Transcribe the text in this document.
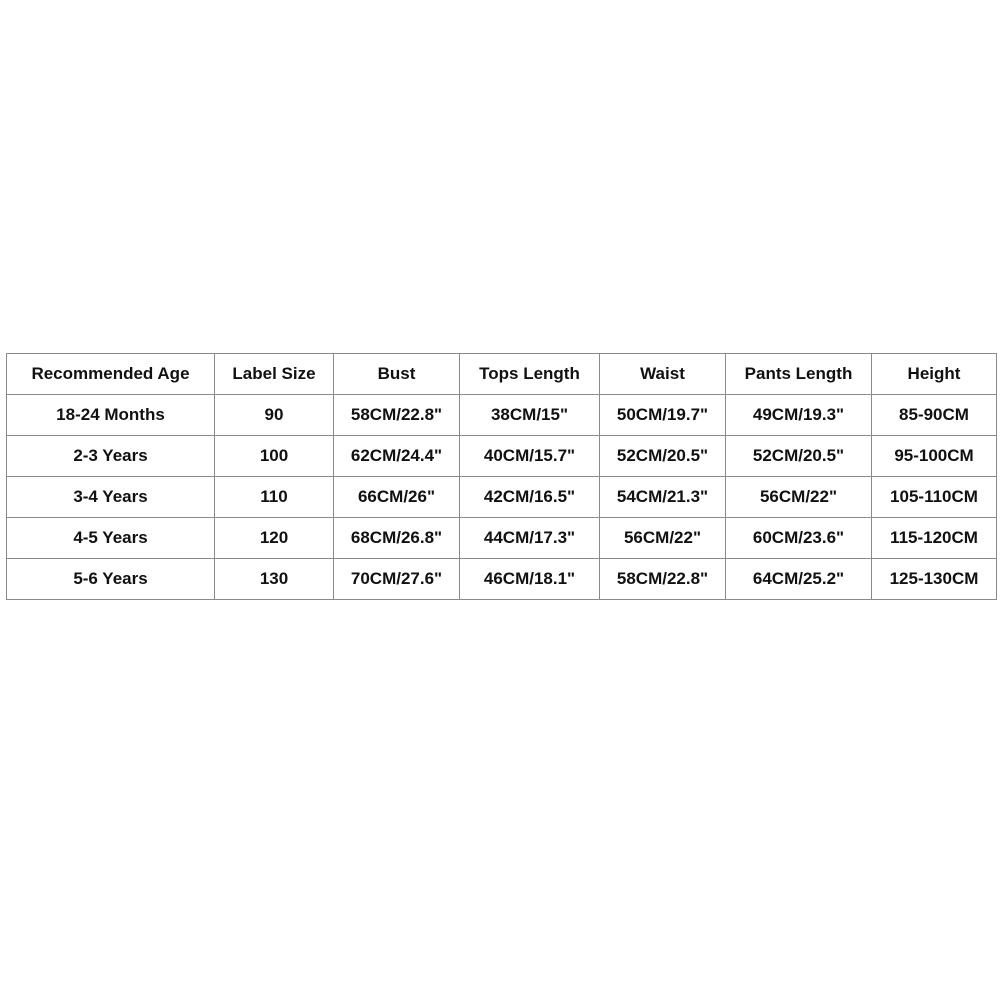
Recommended Age	Label Size	Bust	Tops Length	Waist	Pants Length	Height
18-24 Months	90	58CM/22.8"	38CM/15"	50CM/19.7"	49CM/19.3"	85-90CM
2-3 Years	100	62CM/24.4"	40CM/15.7"	52CM/20.5"	52CM/20.5"	95-100CM
3-4 Years	110	66CM/26"	42CM/16.5"	54CM/21.3"	56CM/22"	105-110CM
4-5 Years	120	68CM/26.8"	44CM/17.3"	56CM/22"	60CM/23.6"	115-120CM
5-6 Years	130	70CM/27.6"	46CM/18.1"	58CM/22.8"	64CM/25.2"	125-130CM
